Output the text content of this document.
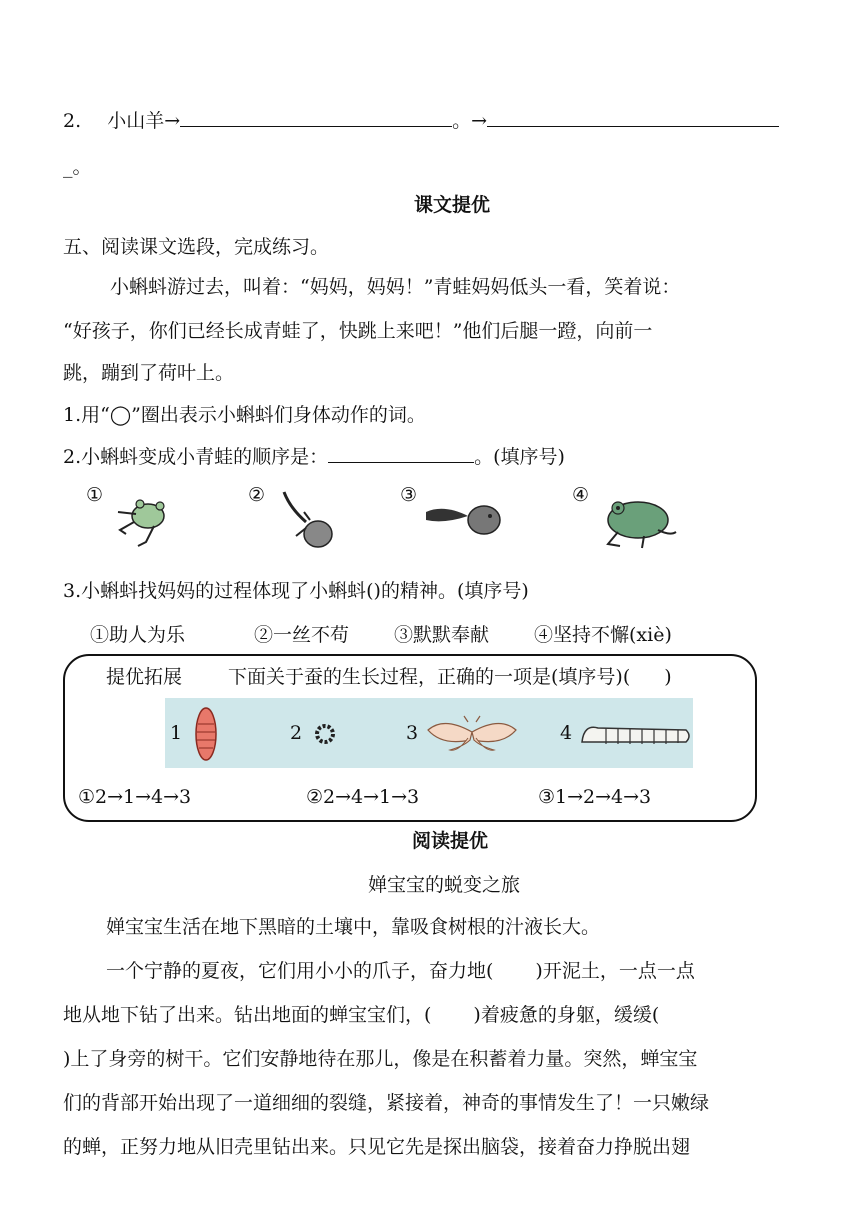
2. 小山羊→	。→
_。
课文提优
五、阅读课文选段，完成练习。
小蝌蚪游过去，叫着：“妈妈，妈妈！”青蛙妈妈低头一看，笑着说：
“好孩子，你们已经长成青蛙了，快跳上来吧！”他们后腿一蹬，向前一
跳，蹦到了荷叶上。
1.用“◯”圈出表示小蝌蚪们身体动作的词。
2.小蝌蚪变成小青蛙的顺序是：	。(填序号)
①	②	③	④
3.小蝌蚪找妈妈的过程体现了小蝌蚪()的精神。(填序号)
①助人为乐	②一丝不苟 ③默默奉献 ④坚持不懈(xiè)
提优拓展 下面关于蚕的生长过程，正确的一项是(填序号)( )
1	2	3	4
①2→1→4→3	②2→4→1→3	③1→2→4→3
阅读提优
婵宝宝的蜕变之旅
婵宝宝生活在地下黑暗的土壤中，靠吸食树根的汁液长大。
一个宁静的夏夜，它们用小小的爪子，奋力地( )开泥土，一点一点
地从地下钻了出来。钻出地面的蝉宝宝们，( )着疲惫的身躯，缓缓(
)上了身旁的树干。它们安静地待在那儿，像是在积蓄着力量。突然，蝉宝宝
们的背部开始出现了一道细细的裂缝，紧接着，神奇的事情发生了！一只嫩绿
的蝉，正努力地从旧壳里钻出来。只见它先是探出脑袋，接着奋力挣脱出翅
